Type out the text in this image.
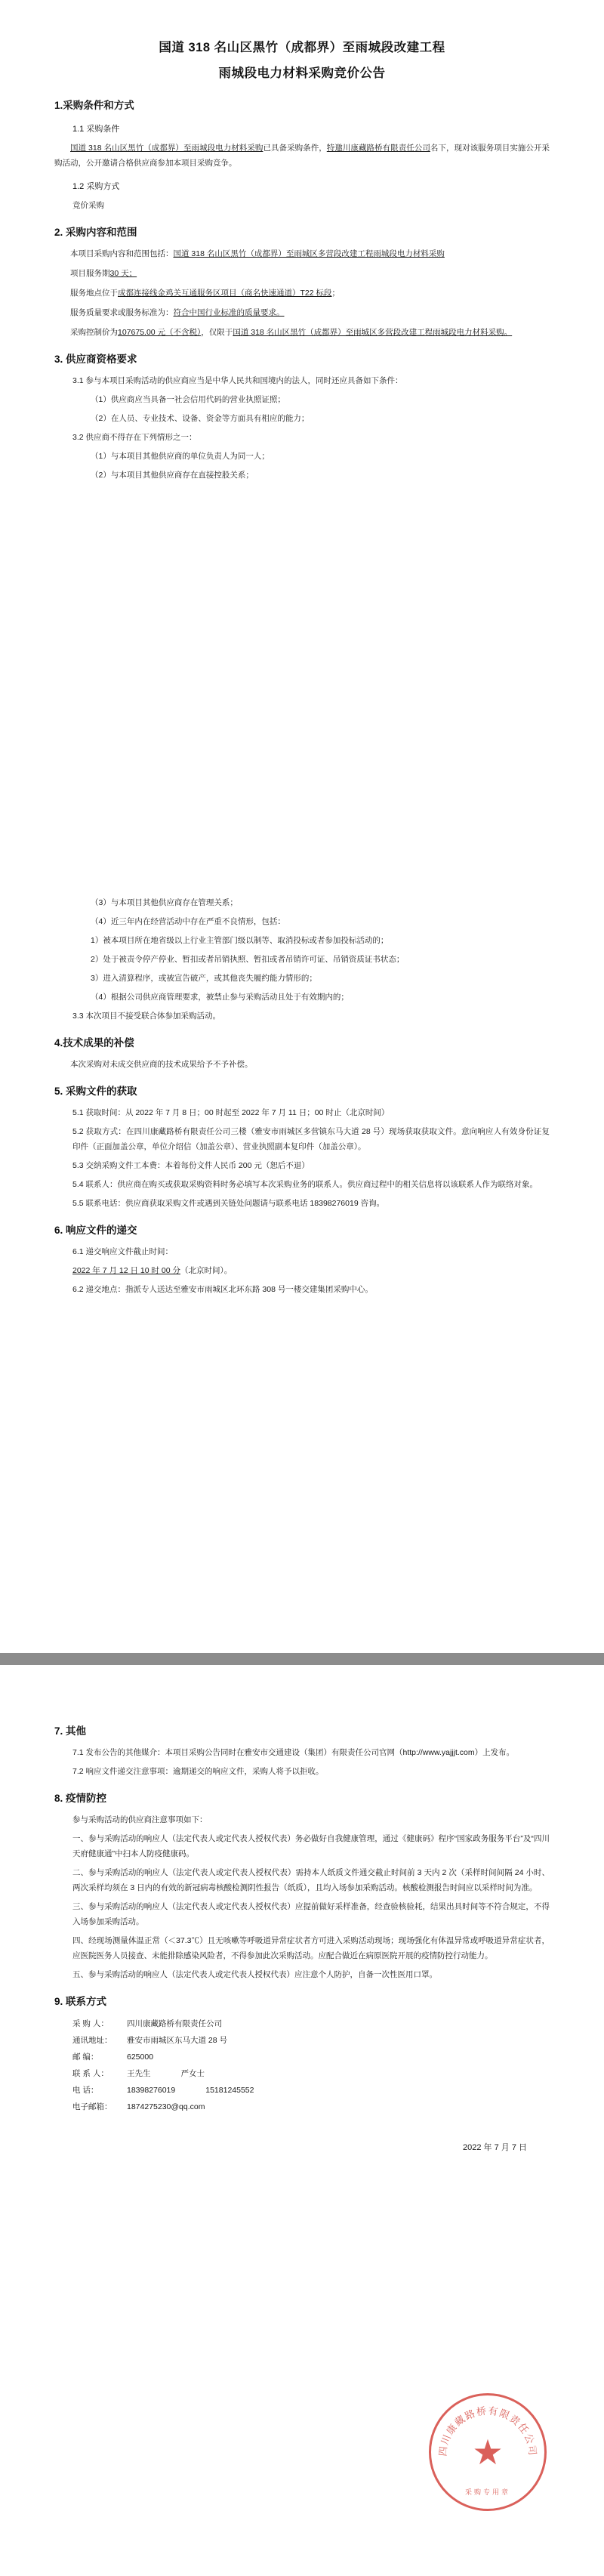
国道 318 名山区黑竹（成都界）至雨城段改建工程
雨城段电力材料采购竞价公告
1.采购条件和方式
1.1 采购条件

国道 318 名山区黑竹（成都界）至雨城段电力材料采购已具备采购条件，特邀川康藏路桥有限责任公司名下，现对该服务项目实施公开采购活动，公开邀请合格供应商参加本项目采购竞争。

1.2 采购方式

竞价采购

2. 采购内容和范围

本项目采购内容和范围包括：国道 318 名山区黑竹（成都界）至雨城区多营段改建工程雨城段电力材料采购

项目服务期30 天；

服务地点位于成都连接线金鸡关互通服务区项目（商名快速通道）T22 标段；

服务质量要求或服务标准为：符合中国行业标准的质量要求。

采购控制价为107675.00 元（不含税），仅限于国道 318 名山区黑竹（成都界）至雨城区多营段改建工程雨城段电力材料采购。

3. 供应商资格要求

3.1 参与本项目采购活动的供应商应当是中华人民共和国境内的法人，同时还应具备如下条件：

（1）供应商应当具备一社会信用代码的营业执照证照；

（2）在人员、专业技术、设备、资金等方面具有相应的能力；

3.2 供应商不得存在下列情形之一：

（1）与本项目其他供应商的单位负责人为同一人；

（2）与本项目其他供应商存在直接控股关系；

（3）与本项目其他供应商存在管理关系；

（4）近三年内在经营活动中存在严重不良情形，包括：

1）被本项目所在地省级以上行业主管部门级以制等、取消投标或者参加投标活动的；

2）处于被责令停产停业、暂扣或者吊销执照、暂扣或者吊销许可证、吊销资质证书状态；

3）进入清算程序，或被宣告破产，或其他丧失履约能力情形的；

（4）根据公司供应商管理要求，被禁止参与采购活动且处于有效期内的；

3.3 本次项目不接受联合体参加采购活动。

4.技术成果的补偿

本次采购对未成交供应商的技术成果给予不予补偿。

5. 采购文件的获取

5.1 获取时间：从 2022 年 7 月 8 日；00 时起至 2022 年 7 月 11 日；00 时止（北京时间）

5.2 获取方式：在四川康藏路桥有限责任公司三楼（雅安市雨城区多营镇东马大道 28 号）现场获取获取文件。意向响应人有效身份证复印件（正面加盖公章，单位介绍信（加盖公章）、营业执照副本复印件（加盖公章）。

5.3 交纳采购文件工本费：本着每份文件人民币 200 元（恕后不退）

5.4 联系人：供应商在购买或获取采购资料时务必填写本次采购业务的联系人。供应商过程中的相关信息将以该联系人作为联络对象。

5.5 联系电话：供应商获取采购文件或遇到关链处问题请与联系电话 18398276019 咨询。

6. 响应文件的递交

6.1 递交响应文件截止时间：

2022 年 7 月 12 日 10 时 00 分（北京时间）。

6.2 递交地点：指派专人送达至雅安市雨城区北环东路 308 号一楼交建集团采购中心。

7. 其他

7.1 发布公告的其他媒介：本项目采购公告同时在雅安市交通建设（集团）有限责任公司官网（http://www.yajjjt.com）上发布。

7.2 响应文件递交注意事项：逾期递交的响应文件，采购人将予以拒收。

8. 疫情防控

参与采购活动的供应商注意事项如下：

一、参与采购活动的响应人（法定代表人或定代表人授权代表）务必做好自我健康管理，通过《健康码》程序“国家政务服务平台”及“四川天府健康通”中扫本人防疫健康码。

二、参与采购活动的响应人（法定代表人或定代表人授权代表）需持本人纸质文件通交截止时间前 3 天内 2 次（采样时间间隔 24 小时、两次采样均须在 3 日内的有效的新冠病毒核酸检测阴性报告（纸质），且均入场参加采购活动。核酸检测报告时间应以采样时间为准。

三、参与采购活动的响应人（法定代表人或定代表人授权代表）应提前做好采样准备，经查验核验耗，结果出具时间等不符合规定，不得入场参加采购活动。

四、经现场测量体温正常（＜37.3℃）且无咳嗽等呼吸道异常症状者方可进入采购活动现场；现场强化有体温异常或呼吸道异常症状者，应医院医务人员接查、未能排除感染风险者，不得参加此次采购活动。应配合做近在病原医院开展的疫情防控行动能力。

五、参与采购活动的响应人（法定代表人或定代表人授权代表）应注意个人防护，自备一次性医用口罩。

9. 联系方式
采 购 人： 四川康藏路桥有限责任公司
通讯地址： 雅安市雨城区东马大道 28 号
邮 编：	625000
联 系 人： 王先生	严女士
电 话：	18398276019	15181245552
电子邮箱： 1874275230@qq.com
2022 年 7 月 7 日
四川康藏路桥有限责任公司
★
采购专用章
